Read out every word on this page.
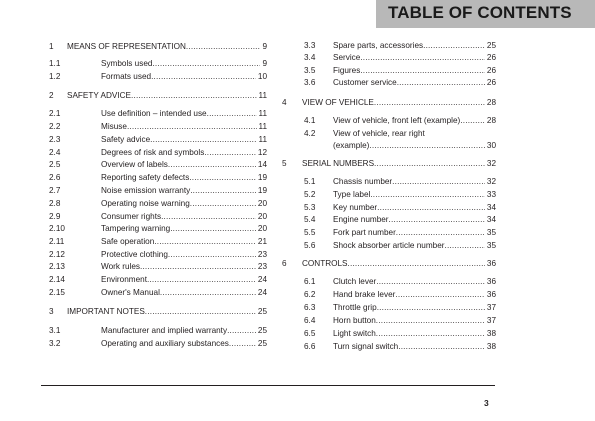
TABLE OF CONTENTS
1 MEANS OF REPRESENTATION .....	9
1.1	Symbols used .....	9
1.2	Formats used .....	10
2 SAFETY ADVICE .....	11
2.1	Use definition – intended use .....	11
2.2	Misuse .....	11
2.3	Safety advice .....	11
2.4	Degrees of risk and symbols .....	12
2.5	Overview of labels .....	14
2.6	Reporting safety defects .....	19
2.7	Noise emission warranty .....	19
2.8	Operating noise warning .....	20
2.9	Consumer rights .....	20
2.10	Tampering warning .....	20
2.11	Safe operation .....	21
2.12	Protective clothing .....	23
2.13	Work rules .....	23
2.14	Environment .....	24
2.15	Owner's Manual .....	24
3 IMPORTANT NOTES .....	25
3.1	Manufacturer and implied warranty .....	25
3.2	Operating and auxiliary substances .....	25
3.3 Spare parts, accessories .....	25
3.4 Service .....	26
3.5 Figures .....	26
3.6 Customer service .....	26
4 VIEW OF VEHICLE .....	28
4.1 View of vehicle, front left (example) .....	28
4.2 View of vehicle, rear right
(example) .....	30
5 SERIAL NUMBERS .....	32
5.1 Chassis number .....	32
5.2 Type label .....	33
5.3 Key number .....	34
5.4 Engine number .....	34
5.5 Fork part number .....	35
5.6 Shock absorber article number .....	35
6 CONTROLS .....	36
6.1 Clutch lever .....	36
6.2 Hand brake lever .....	36
6.3 Throttle grip .....	37
6.4 Horn button .....	37
6.5 Light switch .....	38
6.6 Turn signal switch .....	38
3
